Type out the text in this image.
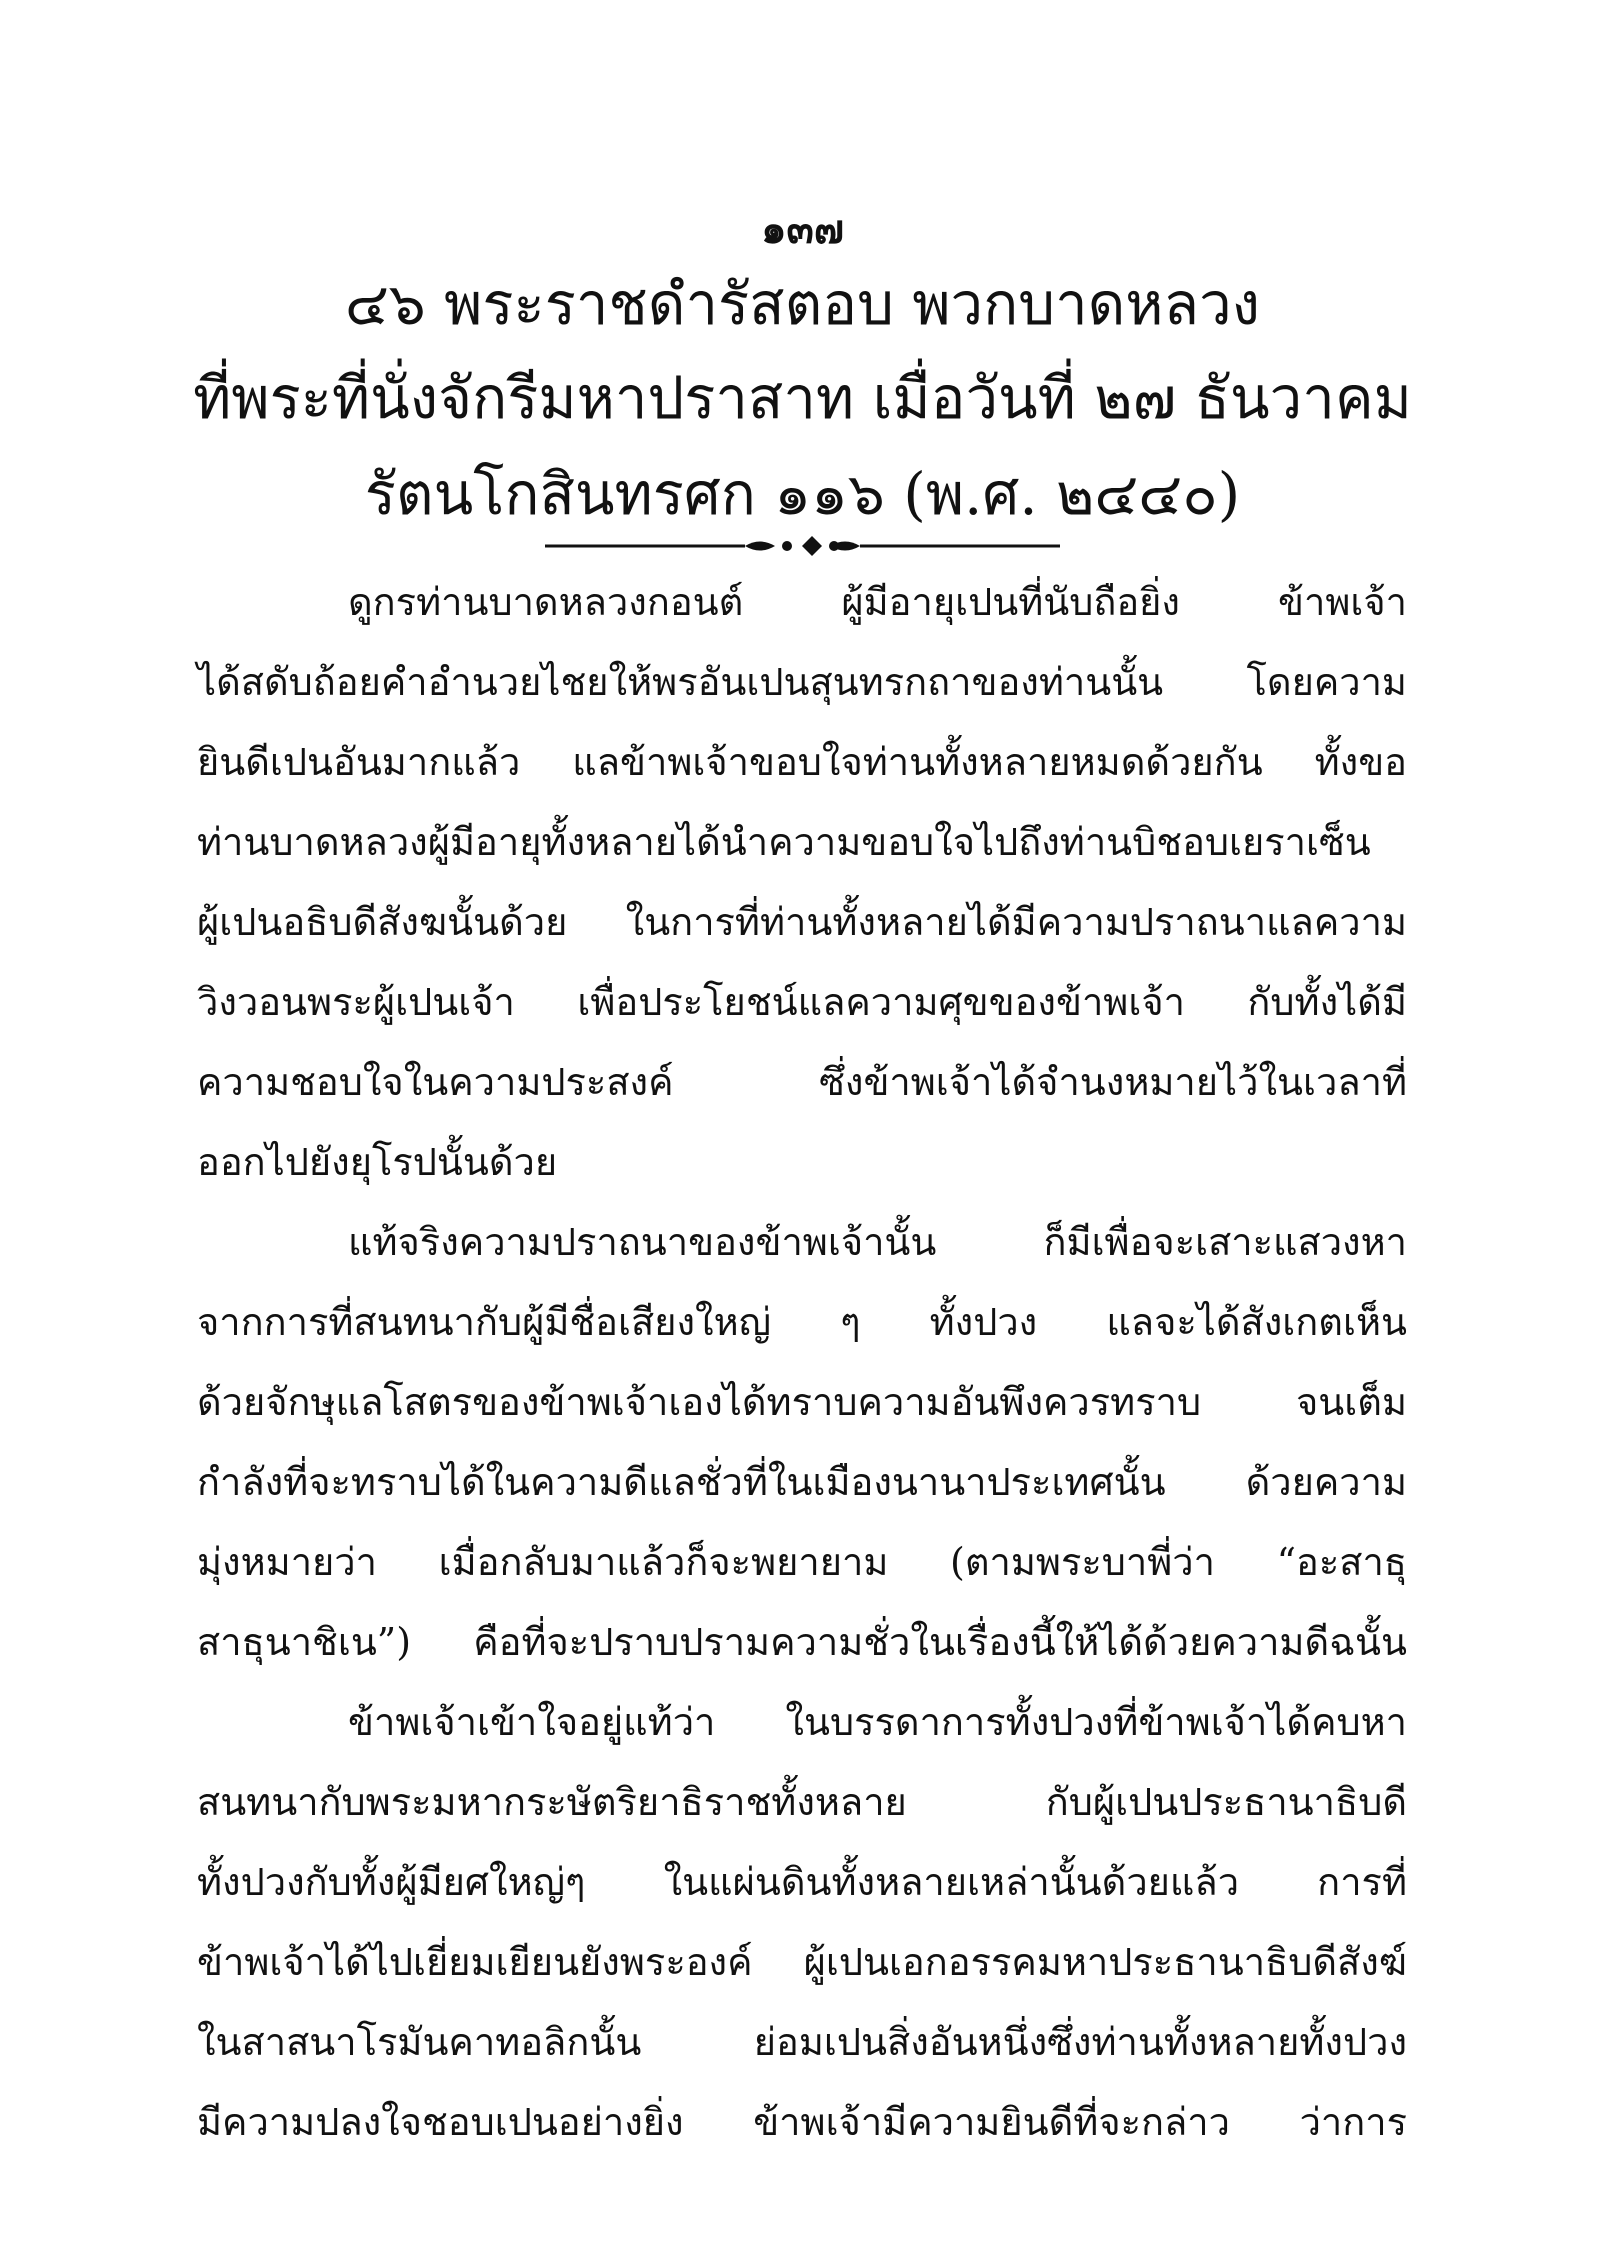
๑๓๗
๔๖ พระราชดำรัสตอบ พวกบาดหลวง
ที่พระที่นั่งจักรีมหาปราสาท เมื่อวันที่ ๒๗ ธันวาคม
รัตนโกสินทรศก ๑๑๖ (พ.ศ. ๒๔๔๐)
ดูกรท่านบาดหลวงกอนต์ ผู้มีอายุเปนที่นับถือยิ่ง ข้าพเจ้า
ได้สดับถ้อยคำอำนวยไชยให้พรอันเปนสุนทรกถาของท่านนั้น โดยความ
ยินดีเปนอันมากแล้ว แลข้าพเจ้าขอบใจท่านทั้งหลายหมดด้วยกัน ทั้งขอ
ท่านบาดหลวงผู้มีอายุทั้งหลายได้นำความขอบใจไปถึงท่านบิชอบเยราเซ็น
ผู้เปนอธิบดีสังฆนั้นด้วย ในการที่ท่านทั้งหลายได้มีความปราถนาแลความ
วิงวอนพระผู้เปนเจ้า เพื่อประโยชน์แลความศุขของข้าพเจ้า กับทั้งได้มี
ความชอบใจในความประสงค์ ซึ่งข้าพเจ้าได้จำนงหมายไว้ในเวลาที่
ออกไปยังยุโรปนั้นด้วย
แท้จริงความปราถนาของข้าพเจ้านั้น ก็มีเพื่อจะเสาะแสวงหา
จากการที่สนทนากับผู้มีชื่อเสียงใหญ่ ๆ ทั้งปวง แลจะได้สังเกตเห็น
ด้วยจักษุแลโสตรของข้าพเจ้าเองได้ทราบความอันพึงควรทราบ จนเต็ม
กำลังที่จะทราบได้ในความดีแลชั่วที่ในเมืองนานาประเทศนั้น ด้วยความ
มุ่งหมายว่า เมื่อกลับมาแล้วก็จะพยายาม (ตามพระบาพี่ว่า “อะสาธุ
สาธุนาชิเน”) คือที่จะปราบปรามความชั่วในเรื่องนี้ให้ได้ด้วยความดีฉนั้น
ข้าพเจ้าเข้าใจอยู่แท้ว่า ในบรรดาการทั้งปวงที่ข้าพเจ้าได้คบหา
สนทนากับพระมหากระษัตริยาธิราชทั้งหลาย กับผู้เปนประธานาธิบดี
ทั้งปวงกับทั้งผู้มียศใหญ่ๆ ในแผ่นดินทั้งหลายเหล่านั้นด้วยแล้ว การที่
ข้าพเจ้าได้ไปเยี่ยมเยียนยังพระองค์ ผู้เปนเอกอรรคมหาประธานาธิบดีสังฆ์
ในสาสนาโรมันคาทอลิกนั้น ย่อมเปนสิ่งอันหนึ่งซึ่งท่านทั้งหลายทั้งปวง
มีความปลงใจชอบเปนอย่างยิ่ง ข้าพเจ้ามีความยินดีที่จะกล่าว ว่าการ
